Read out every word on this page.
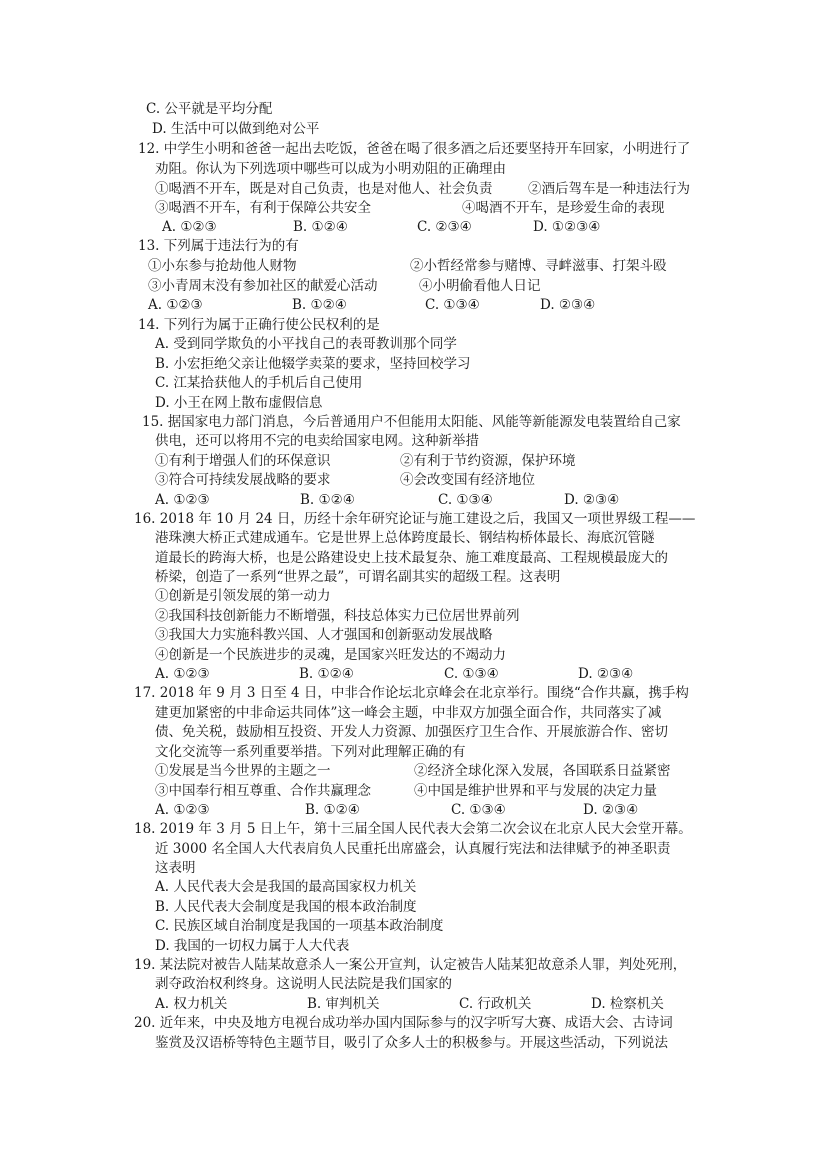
C. 公平就是平均分配
D. 生活中可以做到绝对公平
12. 中学生小明和爸爸一起出去吃饭，爸爸在喝了很多酒之后还要坚持开车回家，小明进行了
劝阻。你认为下列选项中哪些可以成为小明劝阻的正确理由
①喝酒不开车，既是对自己负责，也是对他人、社会负责	②酒后驾车是一种违法行为
③喝酒不开车，有利于保障公共安全	④喝酒不开车，是珍爱生命的表现
A. ①②③	B. ①②④	C. ②③④	D. ①②③④
13. 下列属于违法行为的有
①小东参与抢劫他人财物	②小哲经常参与赌博、寻衅滋事、打架斗殴
③小青周末没有参加社区的献爱心活动	④小明偷看他人日记
A. ①②③	B. ①②④	C. ①③④	D. ②③④
14. 下列行为属于正确行使公民权利的是
A. 受到同学欺负的小平找自己的表哥教训那个同学
B. 小宏拒绝父亲让他辍学卖菜的要求，坚持回校学习
C. 江某拾获他人的手机后自己使用
D. 小王在网上散布虚假信息
15. 据国家电力部门消息，今后普通用户不但能用太阳能、风能等新能源发电装置给自己家
供电，还可以将用不完的电卖给国家电网。这种新举措
①有利于增强人们的环保意识	②有利于节约资源，保护环境
③符合可持续发展战略的要求	④会改变国有经济地位
A. ①②③	B. ①②④	C. ①③④	D. ②③④
16. 2018 年 10 月 24 日，历经十余年研究论证与施工建设之后，我国又一项世界级工程——
港珠澳大桥正式建成通车。它是世界上总体跨度最长、钢结构桥体最长、海底沉管隧
道最长的跨海大桥，也是公路建设史上技术最复杂、施工难度最高、工程规模最庞大的
桥梁，创造了一系列“世界之最”，可谓名副其实的超级工程。这表明
①创新是引领发展的第一动力
②我国科技创新能力不断增强，科技总体实力已位居世界前列
③我国大力实施科教兴国、人才强国和创新驱动发展战略
④创新是一个民族进步的灵魂，是国家兴旺发达的不竭动力
A. ①②③	B. ①②④	C. ①③④	D. ②③④
17. 2018 年 9 月 3 日至 4 日，中非合作论坛北京峰会在北京举行。围绕“合作共赢，携手构
建更加紧密的中非命运共同体”这一峰会主题，中非双方加强全面合作，共同落实了减
债、免关税，鼓励相互投资、开发人力资源、加强医疗卫生合作、开展旅游合作、密切
文化交流等一系列重要举措。下列对此理解正确的有
①发展是当今世界的主题之一	②经济全球化深入发展，各国联系日益紧密
③中国奉行相互尊重、合作共赢理念	④中国是维护世界和平与发展的决定力量
A. ①②③	B. ①②④	C. ①③④	D. ②③④
18. 2019 年 3 月 5 日上午，第十三届全国人民代表大会第二次会议在北京人民大会堂开幕。
近 3000 名全国人大代表肩负人民重托出席盛会，认真履行宪法和法律赋予的神圣职责
这表明
A. 人民代表大会是我国的最高国家权力机关
B. 人民代表大会制度是我国的根本政治制度
C. 民族区域自治制度是我国的一项基本政治制度
D. 我国的一切权力属于人大代表
19. 某法院对被告人陆某故意杀人一案公开宣判，认定被告人陆某犯故意杀人罪，判处死刑，
剥夺政治权利终身。这说明人民法院是我们国家的
A. 权力机关	B. 审判机关	C. 行政机关	D. 检察机关
20. 近年来，中央及地方电视台成功举办国内国际参与的汉字听写大赛、成语大会、古诗词
鉴赏及汉语桥等特色主题节目，吸引了众多人士的积极参与。开展这些活动，下列说法
